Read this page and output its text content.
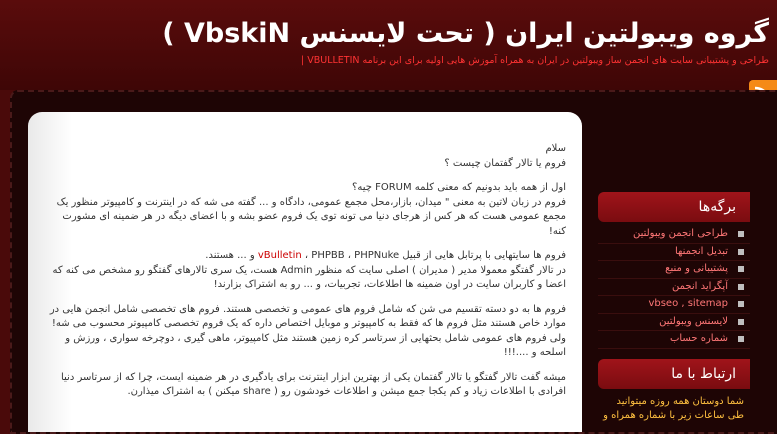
گروه ویبولتین ایران ( تحت لایسنس VbskiN )
طراحی و پشتیبانی سایت های انجمن ساز ویبولتین در ایران به همراه آموزش هایی اولیه برای این برنامه VBULLETIN |

سلام
فروم یا تالار گفتمان چیست ؟

اول از همه باید بدونیم که معنی کلمه FORUM چیه؟
فروم در زبان لاتین به معنی " میدان، بازار،محل مجمع عمومی، دادگاه و ... گفته می شه که در اینترنت و کامپیوتر منظور یک مجمع عمومی هست که هر کس از هرجای دنیا می تونه توی یک فروم عضو بشه و با اعضای دیگه در هر ضمینه ای مشورت کنه!

فروم ها سایتهایی با پرتابل هایی از قبیل vBulletin ، PHPBB ، PHPNuke و ... هستند.
در تالار گفتگو معمولا مدیر ( مدیران ) اصلی سایت که منظور Admin هست، یک سری تالارهای گفتگو رو مشخص می کنه که اعضا و کاربران سایت در اون ضمینه ها اطلاعات، تجربیات، و ... رو به اشتراک بزارند!

فروم ها به دو دسته تقسیم می شن که شامل فروم های عمومی و تخصصی هستند. فروم های تخصصی شامل انجمن هایی در موارد خاص هستند مثل فروم ها که فقط به کامپیوتر و موبایل اختصاص داره که یک فروم تخصصی کامپیوتر محسوب می شه! ولی فروم های عمومی شامل بحثهایی از سرتاسر کره زمین هستند مثل کامپیوتر، ماهی گیری ، دوچرخه سواری ، ورزش و اسلحه و ....!!!

میشه گفت تالار گفتگو یا تالار گفتمان یکی از بهترین ابزار اینترنت برای یادگیری در هر ضمینه ایست، چرا که از سرتاسر دنیا افرادی با اطلاعات زیاد و کم یکجا جمع میشن و اطلاعات خودشون رو ( share میکنن ) به اشتراک میذارن.

برگه‌ها
طراحی انجمن ویبولتین
تبدیل انجمنها
پشتیبانی و منبع
آپگراید انجمن
vbseo , sitemap
لایسنس ویبولتین
شماره حساب
ارتباط با ما
شما دوستان همه روزه میتوانید طی ساعات زیر با شماره همراه و
